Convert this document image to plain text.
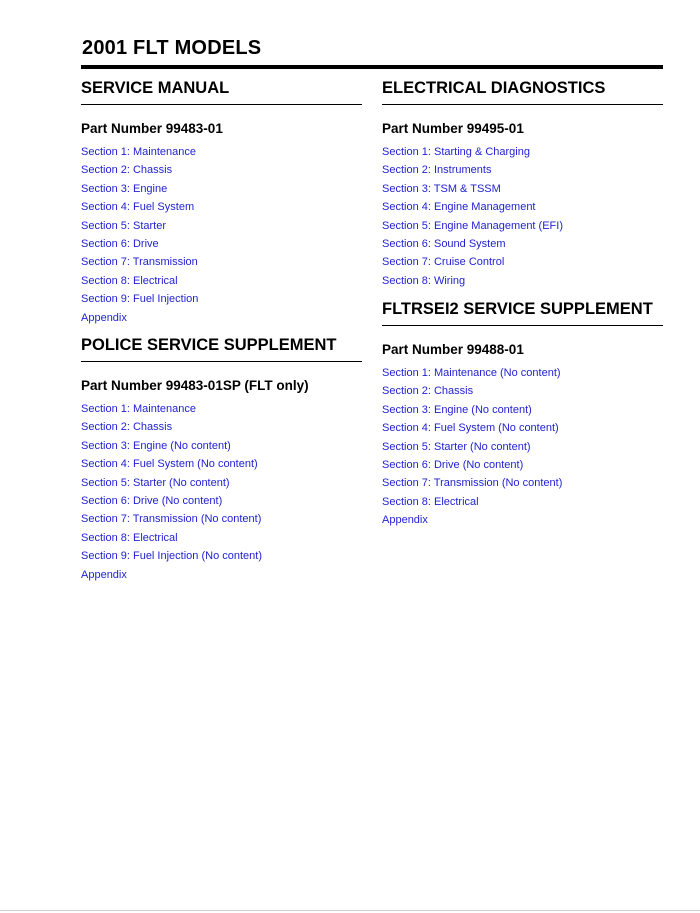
2001 FLT MODELS
SERVICE MANUAL
Part Number 99483-01
Section 1: Maintenance
Section 2: Chassis
Section 3: Engine
Section 4: Fuel System
Section 5: Starter
Section 6: Drive
Section 7: Transmission
Section 8: Electrical
Section 9: Fuel Injection
Appendix
POLICE SERVICE SUPPLEMENT
Part Number 99483-01SP (FLT only)
Section 1: Maintenance
Section 2: Chassis
Section 3: Engine (No content)
Section 4: Fuel System (No content)
Section 5: Starter (No content)
Section 6: Drive (No content)
Section 7: Transmission (No content)
Section 8: Electrical
Section 9: Fuel Injection (No content)
Appendix
ELECTRICAL DIAGNOSTICS
Part Number 99495-01
Section 1: Starting & Charging
Section 2: Instruments
Section 3: TSM & TSSM
Section 4: Engine Management
Section 5: Engine Management (EFI)
Section 6: Sound System
Section 7: Cruise Control
Section 8: Wiring
FLTRSEI2 SERVICE SUPPLEMENT
Part Number 99488-01
Section 1: Maintenance (No content)
Section 2: Chassis
Section 3: Engine (No content)
Section 4: Fuel System (No content)
Section 5: Starter (No content)
Section 6: Drive (No content)
Section 7: Transmission (No content)
Section 8: Electrical
Appendix
